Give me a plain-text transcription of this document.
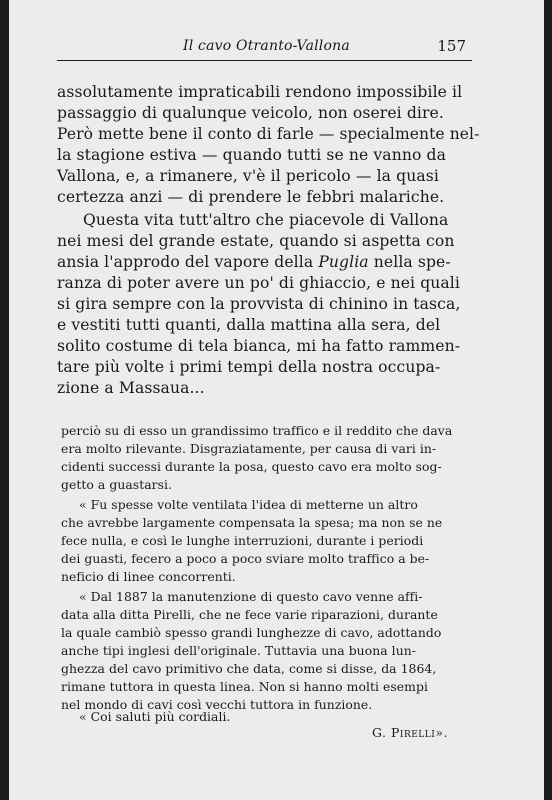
Il cavo Otranto-Vallona	157
assolutamente impraticabili rendono impossibile il
passaggio di qualunque veicolo, non oserei dire.
Però mette bene il conto di farle — specialmente nel-
la stagione estiva — quando tutti se ne vanno da
Vallona, e, a rimanere, v'è il pericolo — la quasi
certezza anzi — di prendere le febbri malariche.
Questa vita tutt'altro che piacevole di Vallona
nei mesi del grande estate, quando si aspetta con
ansia l'approdo del vapore della Puglia nella spe-
ranza di poter avere un po' di ghiaccio, e nei quali
si gira sempre con la provvista di chinino in tasca,
e vestiti tutti quanti, dalla mattina alla sera, del
solito costume di tela bianca, mi ha fatto rammen-
tare più volte i primi tempi della nostra occupa-
zione a Massaua...
perciò su di esso un grandissimo traffico e il reddito che dava
era molto rilevante. Disgraziatamente, per causa di vari in-
cidenti successi durante la posa, questo cavo era molto sog-
getto a guastarsi.
« Fu spesse volte ventilata l'idea di metterne un altro
che avrebbe largamente compensata la spesa; ma non se ne
fece nulla, e così le lunghe interruzioni, durante i periodi
dei guasti, fecero a poco a poco sviare molto traffico a be-
neficio di linee concorrenti.
« Dal 1887 la manutenzione di questo cavo venne affi-
data alla ditta Pirelli, che ne fece varie riparazioni, durante
la quale cambiò spesso grandi lunghezze di cavo, adottando
anche tipi inglesi dell'originale. Tuttavia una buona lun-
ghezza del cavo primitivo che data, come si disse, da 1864,
rimane tuttora in questa linea. Non si hanno molti esempi
nel mondo di cavi così vecchi tuttora in funzione.
« Coi saluti più cordiali.
G. Pirelli».
